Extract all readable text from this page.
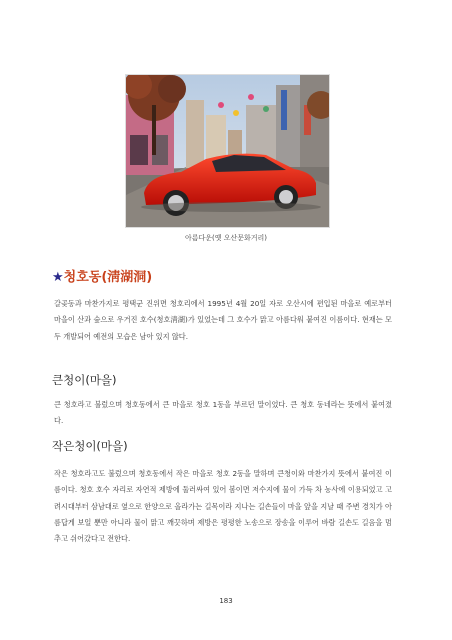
아름다운(옛 오산문화거리)
★청호동(淸湖洞)

갈곶동과 마찬가지로 평택군 진위면 청호리에서 1995년 4월 20일 자로 오산시에 편입된 마을로 예로부터 마을이 산과 숲으로 우거진 호수(청호淸湖)가 있었는데 그 호수가 맑고 아름다워 붙여진 이름이다. 현재는 모두 개발되어 예전의 모습은 남아 있지 않다.

큰청이(마을)

큰 청호라고 불렀으며 청호동에서 큰 마을로 청호 1동을 부르던 말이었다. 큰 청호 동네라는 뜻에서 붙여졌다.

작은청이(마을)

작은 청호라고도 불렀으며 청호동에서 작은 마을로 청호 2동을 말하며 큰청이와 마찬가지 뜻에서 붙여진 이름이다. 청호 호수 자리로 자연적 제방에 둘러싸여 있어 봄이면 저수지에 물이 가득 차 농사에 이용되었고 고려시대부터 삼남대로 옆으로 한양으로 올라가는 길목이라 지나는 길손들이 마을 앞을 지날 때 주변 경치가 아름답게 보일 뿐만 아니라 물이 맑고 깨끗하며 제방은 평평한 노송으로 장송을 이루어 바람 길손도 길음을 멈추고 쉬어갔다고 전한다.

183
